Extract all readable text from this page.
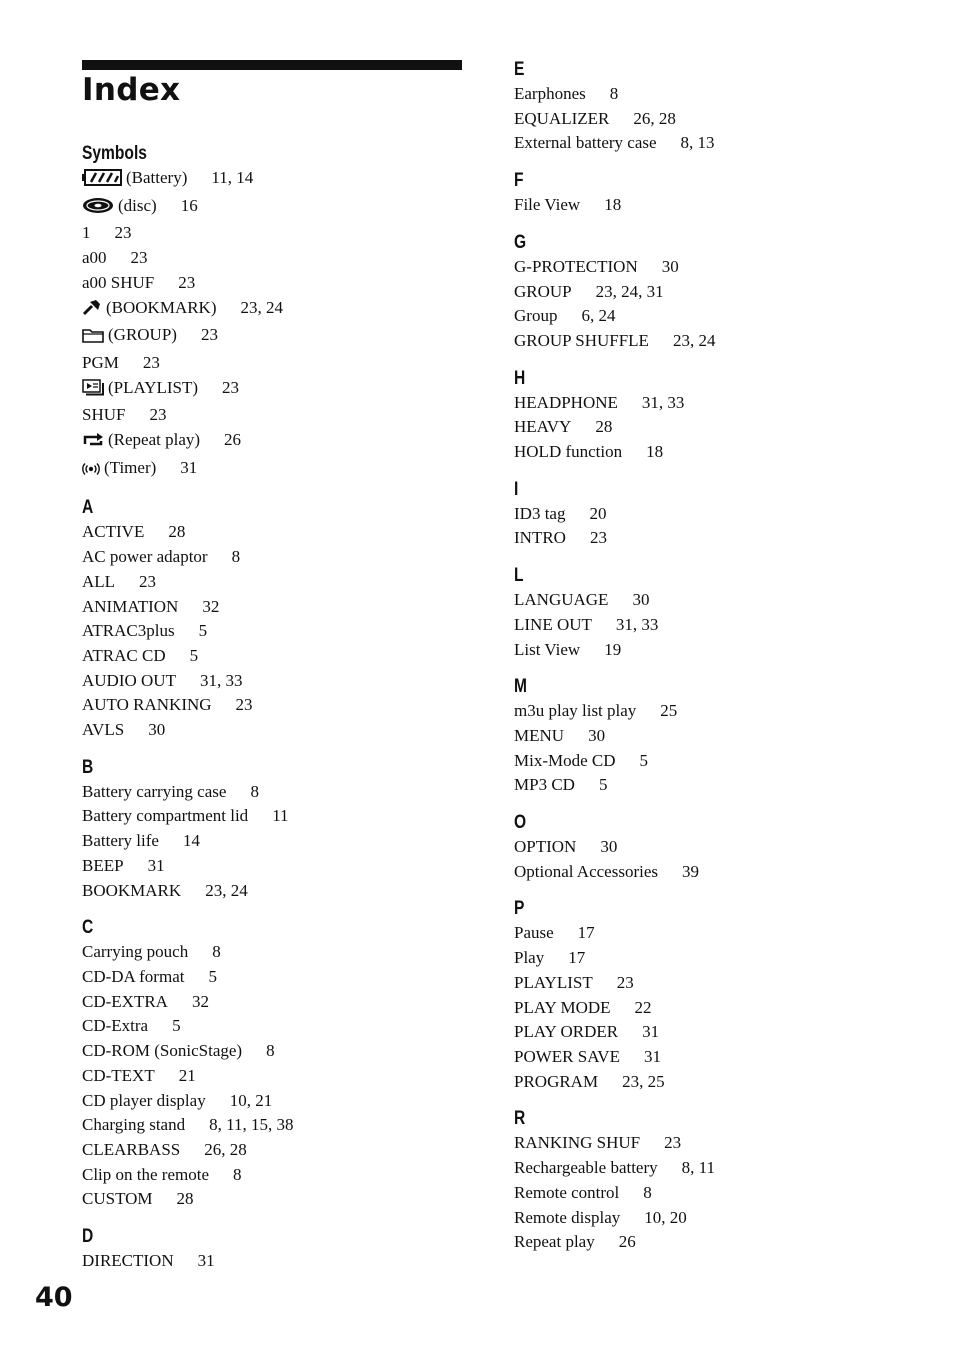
Index
Symbols
(Battery) 11, 14
(disc) 16
1 23
a00 23
a00 SHUF 23
(BOOKMARK) 23, 24
(GROUP) 23
PGM 23
(PLAYLIST) 23
SHUF 23
(Repeat play) 26
(Timer) 31
A
ACTIVE 28
AC power adaptor 8
ALL 23
ANIMATION 32
ATRAC3plus 5
ATRAC CD 5
AUDIO OUT 31, 33
AUTO RANKING 23
AVLS 30
B
Battery carrying case 8
Battery compartment lid 11
Battery life 14
BEEP 31
BOOKMARK 23, 24
C
Carrying pouch 8
CD-DA format 5
CD-EXTRA 32
CD-Extra 5
CD-ROM (SonicStage) 8
CD-TEXT 21
CD player display 10, 21
Charging stand 8, 11, 15, 38
CLEARBASS 26, 28
Clip on the remote 8
CUSTOM 28
D
DIRECTION 31
E
Earphones 8
EQUALIZER 26, 28
External battery case 8, 13
F
File View 18
G
G-PROTECTION 30
GROUP 23, 24, 31
Group 6, 24
GROUP SHUFFLE 23, 24
H
HEADPHONE 31, 33
HEAVY 28
HOLD function 18
I
ID3 tag 20
INTRO 23
L
LANGUAGE 30
LINE OUT 31, 33
List View 19
M
m3u play list play 25
MENU 30
Mix-Mode CD 5
MP3 CD 5
O
OPTION 30
Optional Accessories 39
P
Pause 17
Play 17
PLAYLIST 23
PLAY MODE 22
PLAY ORDER 31
POWER SAVE 31
PROGRAM 23, 25
R
RANKING SHUF 23
Rechargeable battery 8, 11
Remote control 8
Remote display 10, 20
Repeat play 26
40
